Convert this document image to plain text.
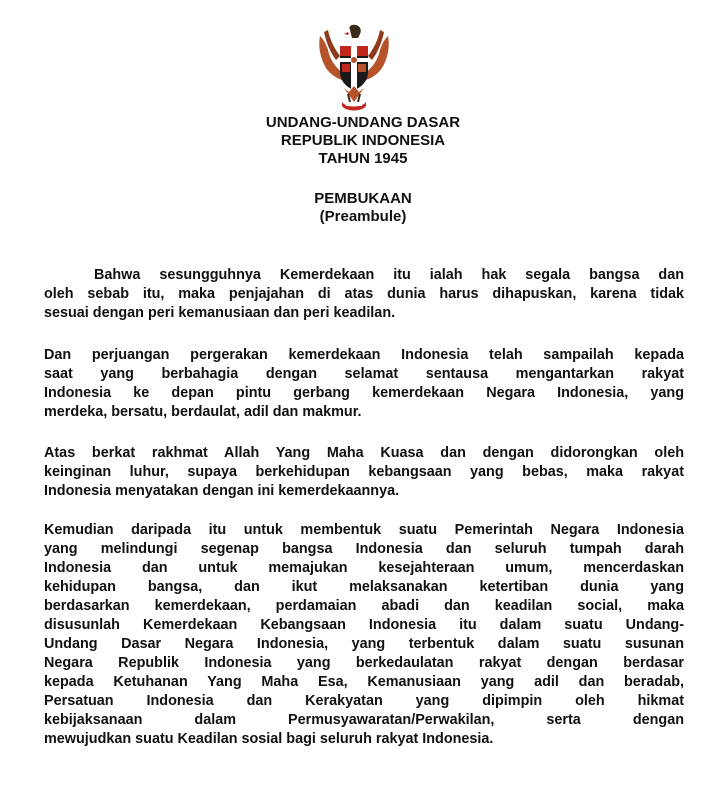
UNDANG-UNDANG DASAR
REPUBLIK INDONESIA
TAHUN 1945
PEMBUKAAN
(Preambule)
Bahwa sesungguhnya Kemerdekaan itu ialah hak segala bangsa dan
oleh sebab itu, maka penjajahan di atas dunia harus dihapuskan, karena tidak
sesuai dengan peri kemanusiaan dan peri keadilan.
Dan perjuangan pergerakan kemerdekaan Indonesia telah sampailah kepada
saat yang berbahagia dengan selamat sentausa mengantarkan rakyat
Indonesia ke depan pintu gerbang kemerdekaan Negara Indonesia, yang
merdeka, bersatu, berdaulat, adil dan makmur.
Atas berkat rakhmat Allah Yang Maha Kuasa dan dengan didorongkan oleh
keinginan luhur, supaya berkehidupan kebangsaan yang bebas, maka rakyat
Indonesia menyatakan dengan ini kemerdekaannya.
Kemudian daripada itu untuk membentuk suatu Pemerintah Negara Indonesia
yang melindungi segenap bangsa Indonesia dan seluruh tumpah darah
Indonesia dan untuk memajukan kesejahteraan umum, mencerdaskan
kehidupan bangsa, dan ikut melaksanakan ketertiban dunia yang
berdasarkan kemerdekaan, perdamaian abadi dan keadilan social, maka
disusunlah Kemerdekaan Kebangsaan Indonesia itu dalam suatu Undang-
Undang Dasar Negara Indonesia, yang terbentuk dalam suatu susunan
Negara Republik Indonesia yang berkedaulatan rakyat dengan berdasar
kepada Ketuhanan Yang Maha Esa, Kemanusiaan yang adil dan beradab,
Persatuan Indonesia dan Kerakyatan yang dipimpin oleh hikmat
kebijaksanaan dalam Permusyawaratan/Perwakilan, serta dengan
mewujudkan suatu Keadilan sosial bagi seluruh rakyat Indonesia.
